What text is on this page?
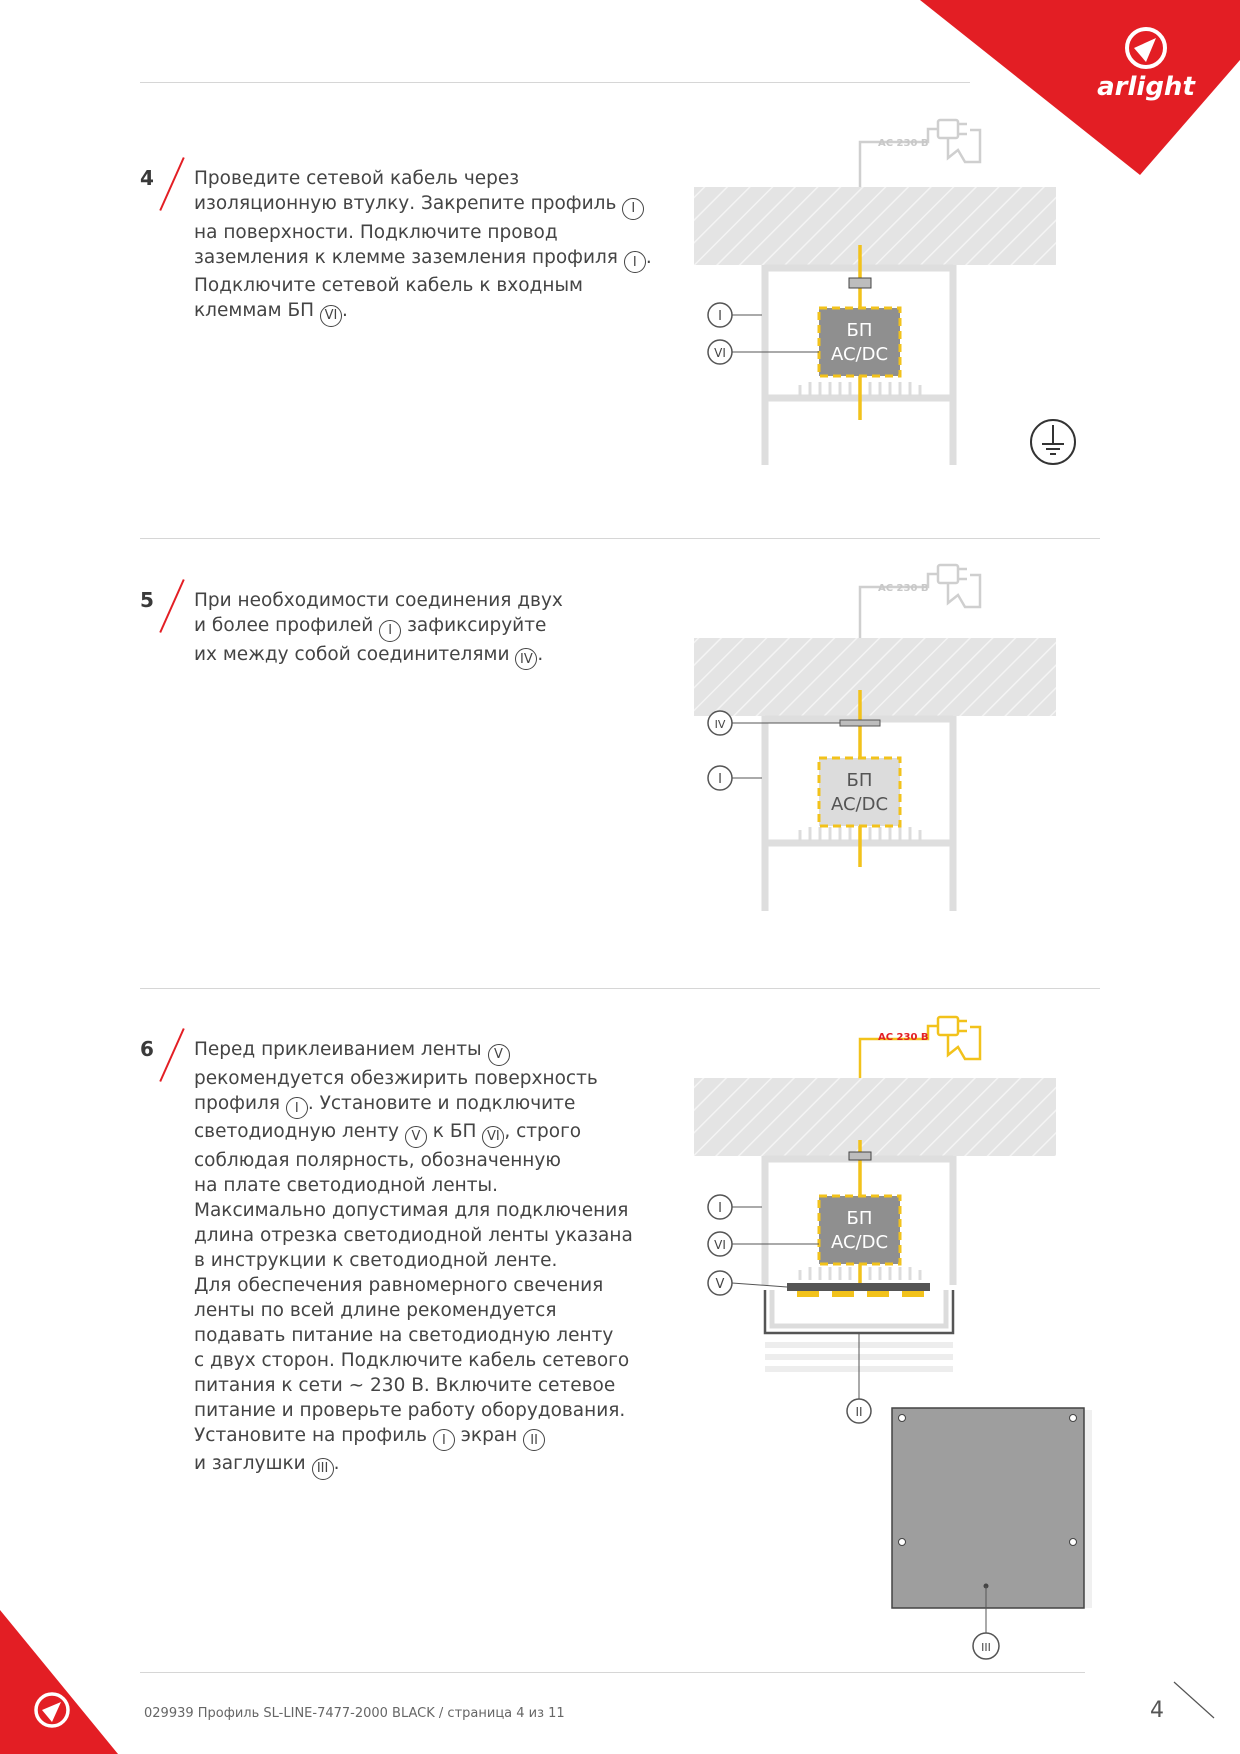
arlight
4 Проведите сетевой кабель через

изоляционную втулку. Закрепите профиль I

на поверхности. Подключите провод

заземления к клемме заземления профиля I .

Подключите сетевой кабель к входным

клеммам БП VI .

5 При необходимости соединения двух

и более профилей I зафиксируйте

их между собой соединителями IV .

6 Перед приклеиванием ленты V

рекомендуется обезжирить поверхность

профиля I . Установите и подключите

светодиодную ленту V к БП VI , строго

соблюдая полярность, обозначенную

на плате светодиодной ленты.

Максимально допустимая для подключения

длина отрезка светодиодной ленты указана

в инструкции к светодиодной ленте.

Для обеспечения равномерного свечения

ленты по всей длине рекомендуется

подавать питание на светодиодную ленту

с двух сторон. Подключите кабель сетевого

питания к сети ~ 230 В. Включите сетевое

питание и проверьте работу оборудования.

Установите на профиль I экран II

и заглушки III .

AC 230 B
БП
AC/DC
I
VI
AC 230 B
БП
AC/DC
IV
I
AC 230 B
БП
AC/DC
I
VI
V
II
III
029939 Профиль SL-LINE-7477-2000 BLACK / страница 4 из 11	4
